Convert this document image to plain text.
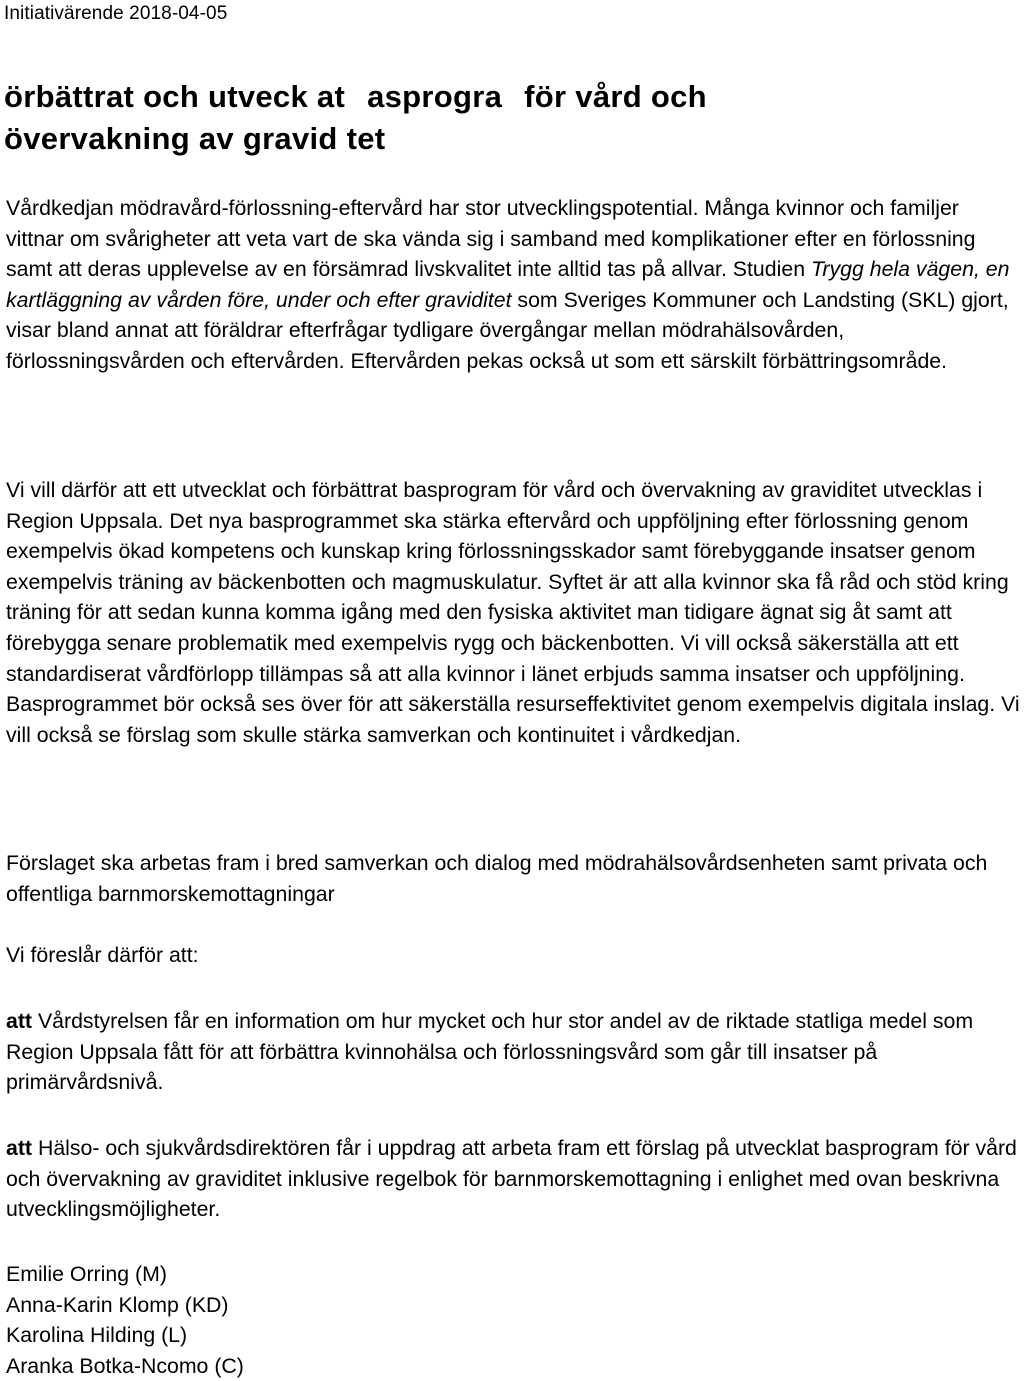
Initiativärende 2018-04-05
örbättrat och utveck at asprogra för vård och
övervakning av gravid tet

Vårdkedjan mödravård-förlossning-eftervård har stor utvecklingspotential. Många kvinnor och familjer vittnar om svårigheter att veta vart de ska vända sig i samband med komplikationer efter en förlossning samt att deras upplevelse av en försämrad livskvalitet inte alltid tas på allvar. Studien Trygg hela vägen, en kartläggning av vården före, under och efter graviditet som Sveriges Kommuner och Landsting (SKL) gjort, visar bland annat att föräldrar efterfrågar tydligare övergångar mellan mödrahälsovården, förlossningsvården och eftervården. Eftervården pekas också ut som ett särskilt förbättringsområde.

Vi vill därför att ett utvecklat och förbättrat basprogram för vård och övervakning av graviditet utvecklas i Region Uppsala. Det nya basprogrammet ska stärka eftervård och uppföljning efter förlossning genom exempelvis ökad kompetens och kunskap kring förlossningsskador samt förebyggande insatser genom exempelvis träning av bäckenbotten och magmuskulatur. Syftet är att alla kvinnor ska få råd och stöd kring träning för att sedan kunna komma igång med den fysiska aktivitet man tidigare ägnat sig åt samt att förebygga senare problematik med exempelvis rygg och bäckenbotten. Vi vill också säkerställa att ett standardiserat vårdförlopp tillämpas så att alla kvinnor i länet erbjuds samma insatser och uppföljning. Basprogrammet bör också ses över för att säkerställa resurseffektivitet genom exempelvis digitala inslag. Vi vill också se förslag som skulle stärka samverkan och kontinuitet i vårdkedjan.

Förslaget ska arbetas fram i bred samverkan och dialog med mödrahälsovårdsenheten samt privata och offentliga barnmorskemottagningar

Vi föreslår därför att:

att Vårdstyrelsen får en information om hur mycket och hur stor andel av de riktade statliga medel som Region Uppsala fått för att förbättra kvinnohälsa och förlossningsvård som går till insatser på primärvårdsnivå.

att Hälso- och sjukvårdsdirektören får i uppdrag att arbeta fram ett förslag på utvecklat basprogram för vård och övervakning av graviditet inklusive regelbok för barnmorskemottagning i enlighet med ovan beskrivna utvecklingsmöjligheter.

Emilie Orring (M)
Anna-Karin Klomp (KD)
Karolina Hilding (L)
Aranka Botka-Ncomo (C)
